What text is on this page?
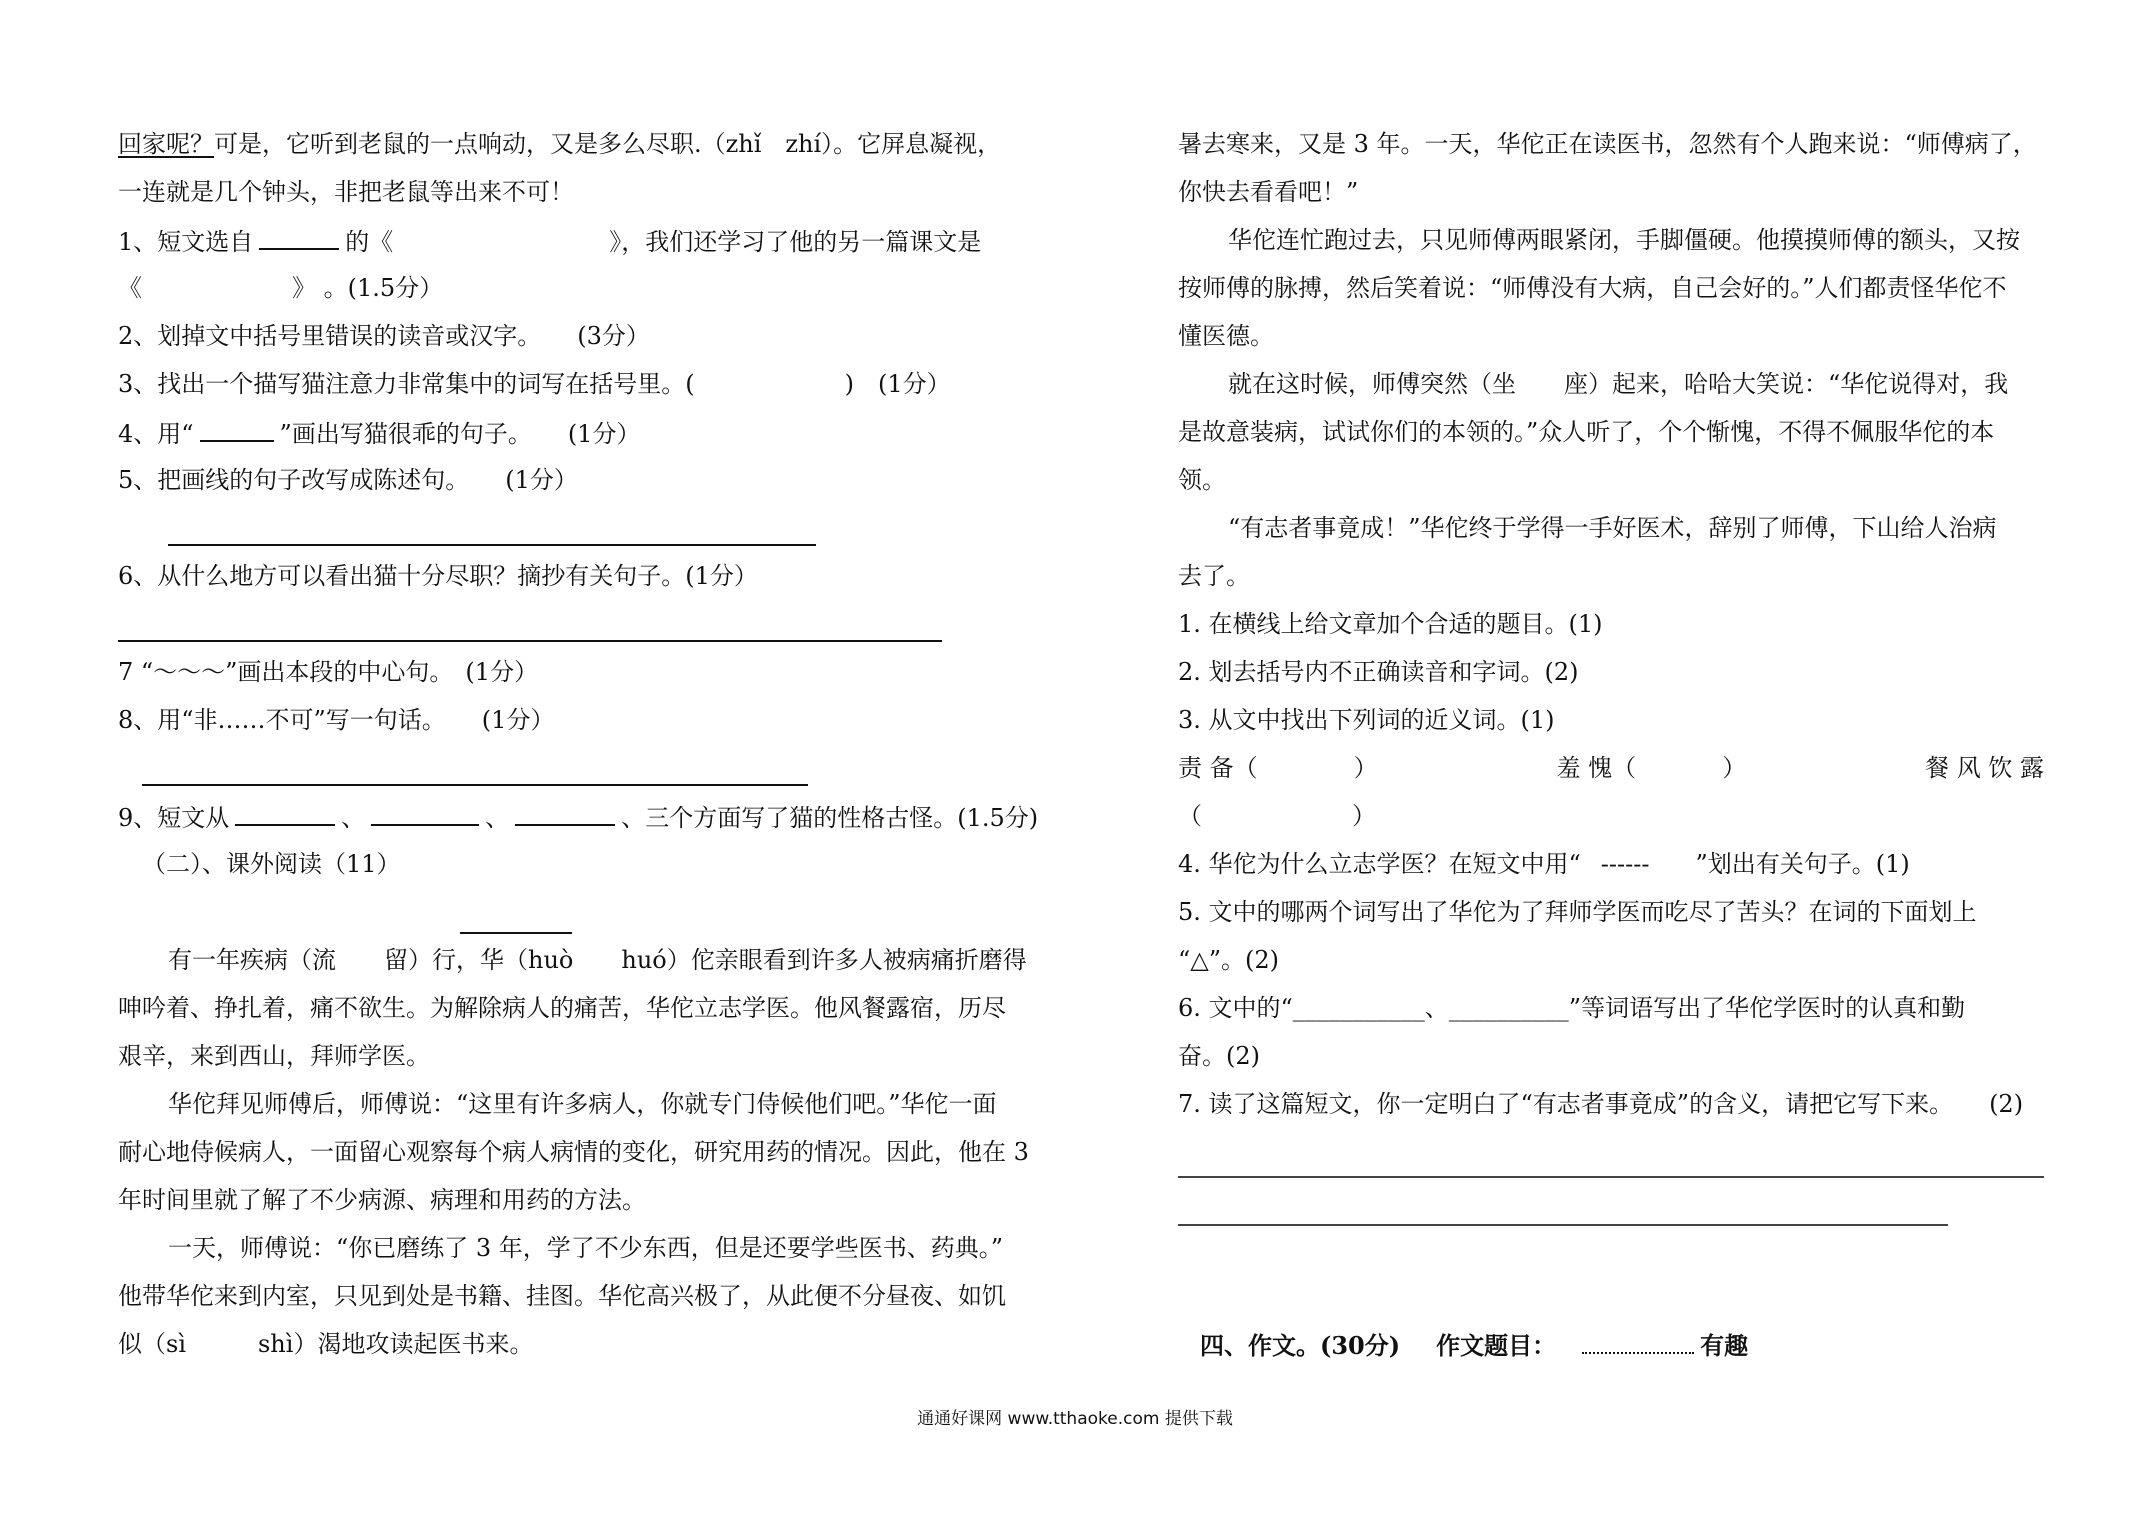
回家呢？可是，它听到老鼠的一点响动，又是多么尽职.（zhǐ　zhí）。它屏息凝视，
一连就是几个钟头，非把老鼠等出来不可！
1、短文选自	的《	》，我们还学习了他的另一篇课文是
《	》 。(1.5分）
2、划掉文中括号里错误的读音或汉字。　　(3分）
3、找出一个描写猫注意力非常集中的词写在括号里。(	)　(1分）
4、用“	”画出写猫很乖的句子。　　(1分）
5、把画线的句子改写成陈述句。　　(1分）
6、从什么地方可以看出猫十分尽职？摘抄有关句子。(1分）
7 “～～～”画出本段的中心句。　(1分）
8、用“非……不可”写一句话。　　(1分）
9、短文从	、	、	、三个方面写了猫的性格古怪。(1.5分)
（二）、课外阅读（11）
有一年疾病（流　　留）行，华（huò　　huó）佗亲眼看到许多人被病痛折磨得
呻吟着、挣扎着，痛不欲生。为解除病人的痛苦，华佗立志学医。他风餐露宿，历尽
艰辛，来到西山，拜师学医。
华佗拜见师傅后，师傅说：“这里有许多病人，你就专门侍候他们吧。”华佗一面
耐心地侍候病人，一面留心观察每个病人病情的变化，研究用药的情况。因此，他在 3
年时间里就了解了不少病源、病理和用药的方法。
一天，师傅说：“你已磨练了 3 年，学了不少东西，但是还要学些医书、药典。”
他带华佗来到内室，只见到处是书籍、挂图。华佗高兴极了，从此便不分昼夜、如饥
似（sì　　　shì）渴地攻读起医书来。
暑去寒来，又是 3 年。一天，华佗正在读医书，忽然有个人跑来说：“师傅病了，
你快去看看吧！”
华佗连忙跑过去，只见师傅两眼紧闭，手脚僵硬。他摸摸师傅的额头，又按
按师傅的脉搏，然后笑着说：“师傅没有大病，自己会好的。”人们都责怪华佗不
懂医德。
就在这时候，师傅突然（坐　　座）起来，哈哈大笑说：“华佗说得对，我
是故意装病，试试你们的本领的。”众人听了，个个惭愧，不得不佩服华佗的本
领。
“有志者事竟成！”华佗终于学得一手好医术，辞别了师傅，下山给人治病
去了。
1. 在横线上给文章加个合适的题目。(1)
2. 划去括号内不正确读音和字词。(2)
3. 从文中找出下列词的近义词。(1)
责 备（	）	羞 愧（	）	餐 风 饮 露
（	）
4. 华佗为什么立志学医？在短文中用“ ------ ”划出有关句子。(1)
5. 文中的哪两个词写出了华佗为了拜师学医而吃尽了苦头？在词的下面划上
“△”。(2)
6. 文中的“___________、__________”等词语写出了华佗学医时的认真和勤
奋。(2)
7. 读了这篇短文，你一定明白了“有志者事竟成”的含义，请把它写下来。　　(2)
四、作文。(30分) 作文题目：	有趣
通通好课网 www.tthaoke.com 提供下载
